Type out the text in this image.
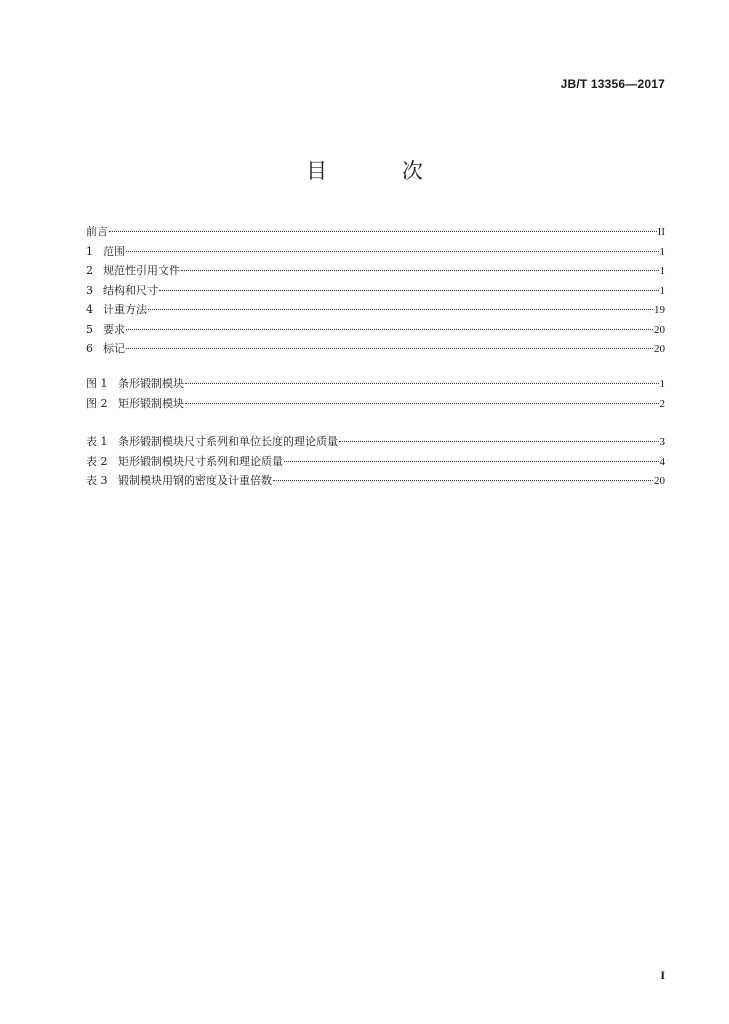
JB/T 13356—2017
目 次
前言	II
1 范围	1
2 规范性引用文件	1
3 结构和尺寸	1
4 计重方法	19
5 要求	20
6 标记	20
图 1 条形锻制模块	1
图 2 矩形锻制模块	2
表 1 条形锻制模块尺寸系列和单位长度的理论质量	3
表 2 矩形锻制模块尺寸系列和理论质量	4
表 3 锻制模块用钢的密度及计重倍数	20
I
